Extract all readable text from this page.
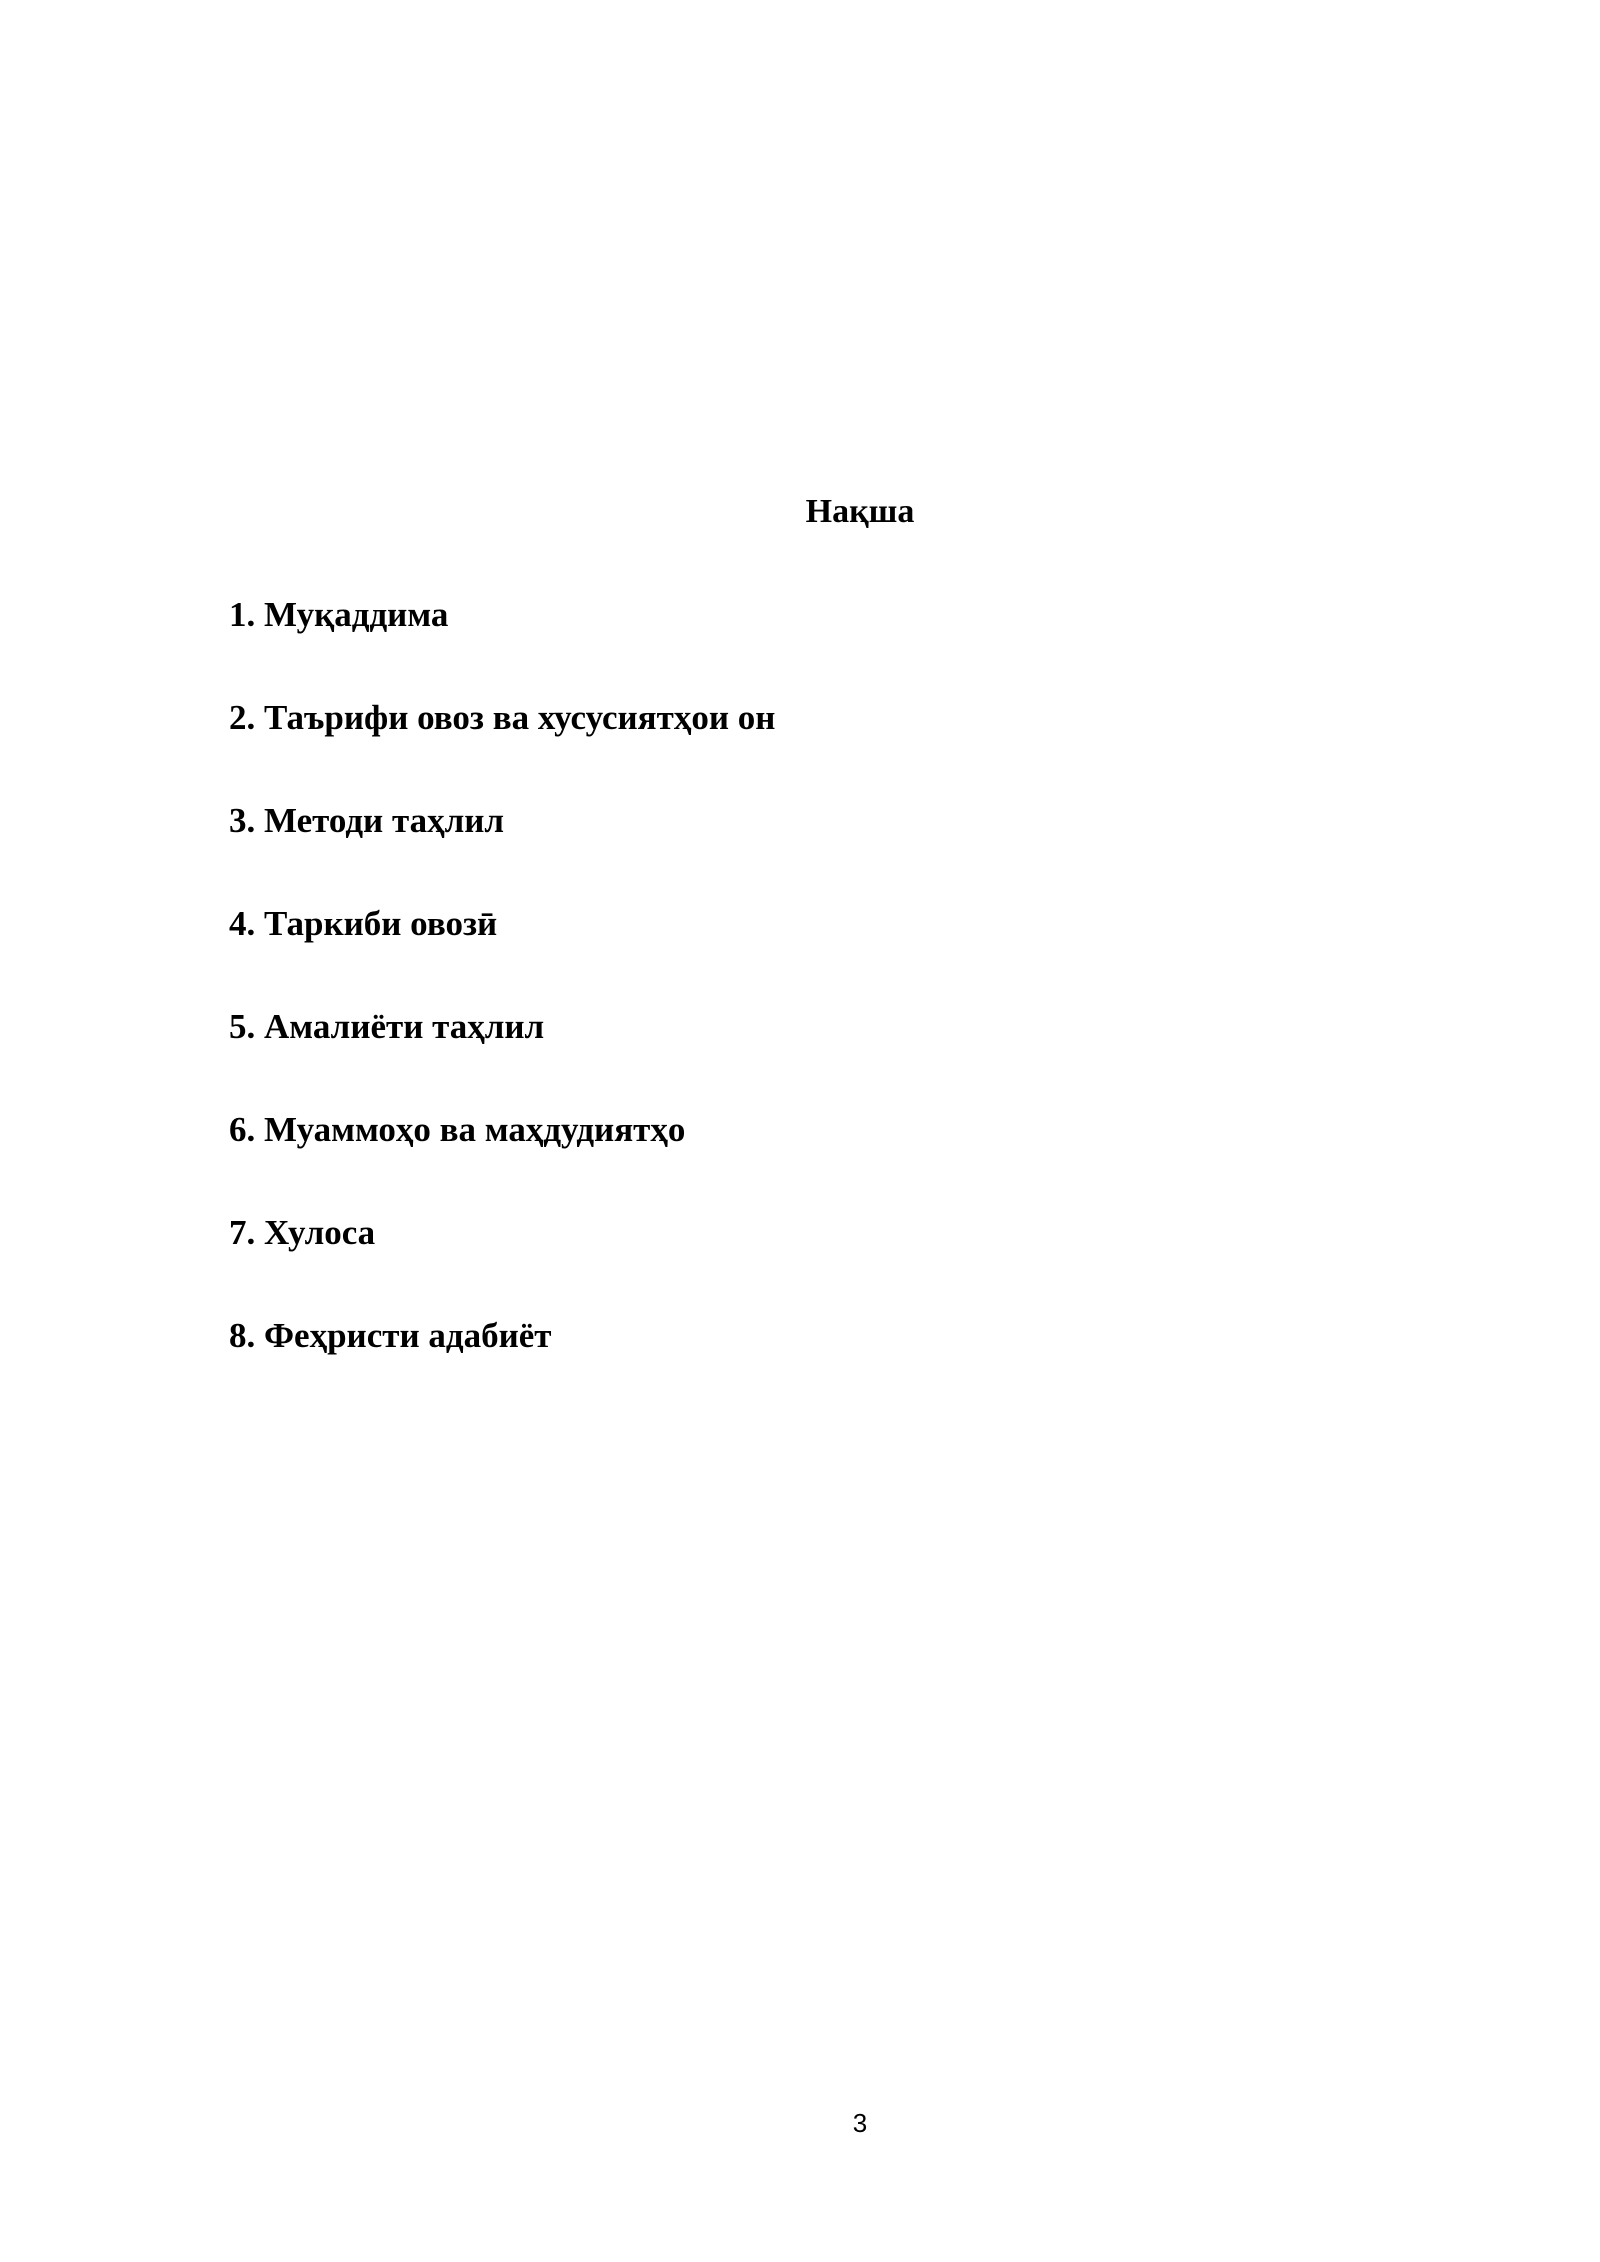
Нақша
1. Муқаддима
2. Таърифи овоз ва хусусиятҳои он
3. Методи таҳлил
4. Таркиби овозӣ
5. Амалиёти таҳлил
6. Муаммоҳо ва маҳдудиятҳо
7. Хулоса
8. Феҳристи адабиёт
3
